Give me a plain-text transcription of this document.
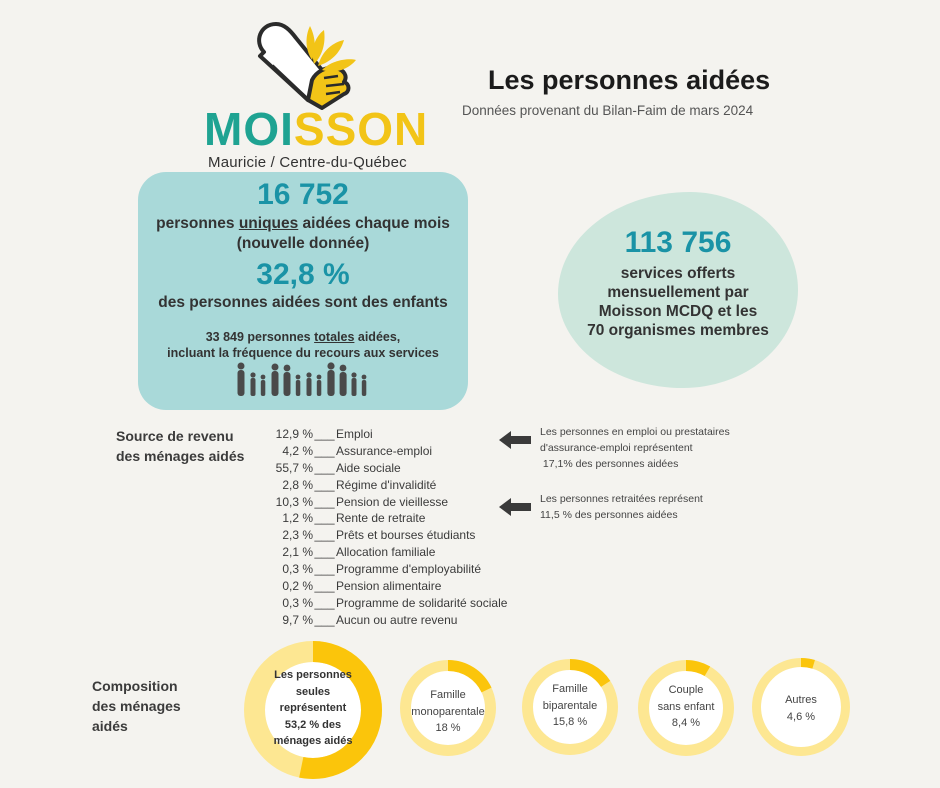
MOISSON
Mauricie / Centre-du-Québec
Les personnes aidées
Données provenant du Bilan-Faim de mars 2024
16 752
personnes uniques aidées chaque mois
(nouvelle donnée)
32,8 %
des personnes aidées sont des enfants
33 849 personnes totales aidées,
incluant la fréquence du recours aux services
113 756
services offerts
mensuellement par
Moisson MCDQ et les
70 organismes membres
Source de revenu
des ménages aidés
12,9 %___Emploi
4,2 %___Assurance-emploi
55,7 %___Aide sociale
2,8 %___Régime d'invalidité
10,3 %___Pension de vieillesse
1,2 %___Rente de retraite
2,3 %___Prêts et bourses étudiants
2,1 %___Allocation familiale
0,3 %___Programme d'employabilité
0,2 %___Pension alimentaire
0,3 %___Programme de solidarité sociale
9,7 %___Aucun ou autre revenu
Les personnes en emploi ou prestataires
d'assurance-emploi représentent
17,1% des personnes aidées
Les personnes retraitées représent
11,5 % des personnes aidées
Composition
des ménages
aidés
Les personnes
seules
représentent
53,2 % des
ménages aidés
Famille
monoparentale
18 %
Famille
biparentale
15,8 %
Couple
sans enfant
8,4 %
Autres
4,6 %
